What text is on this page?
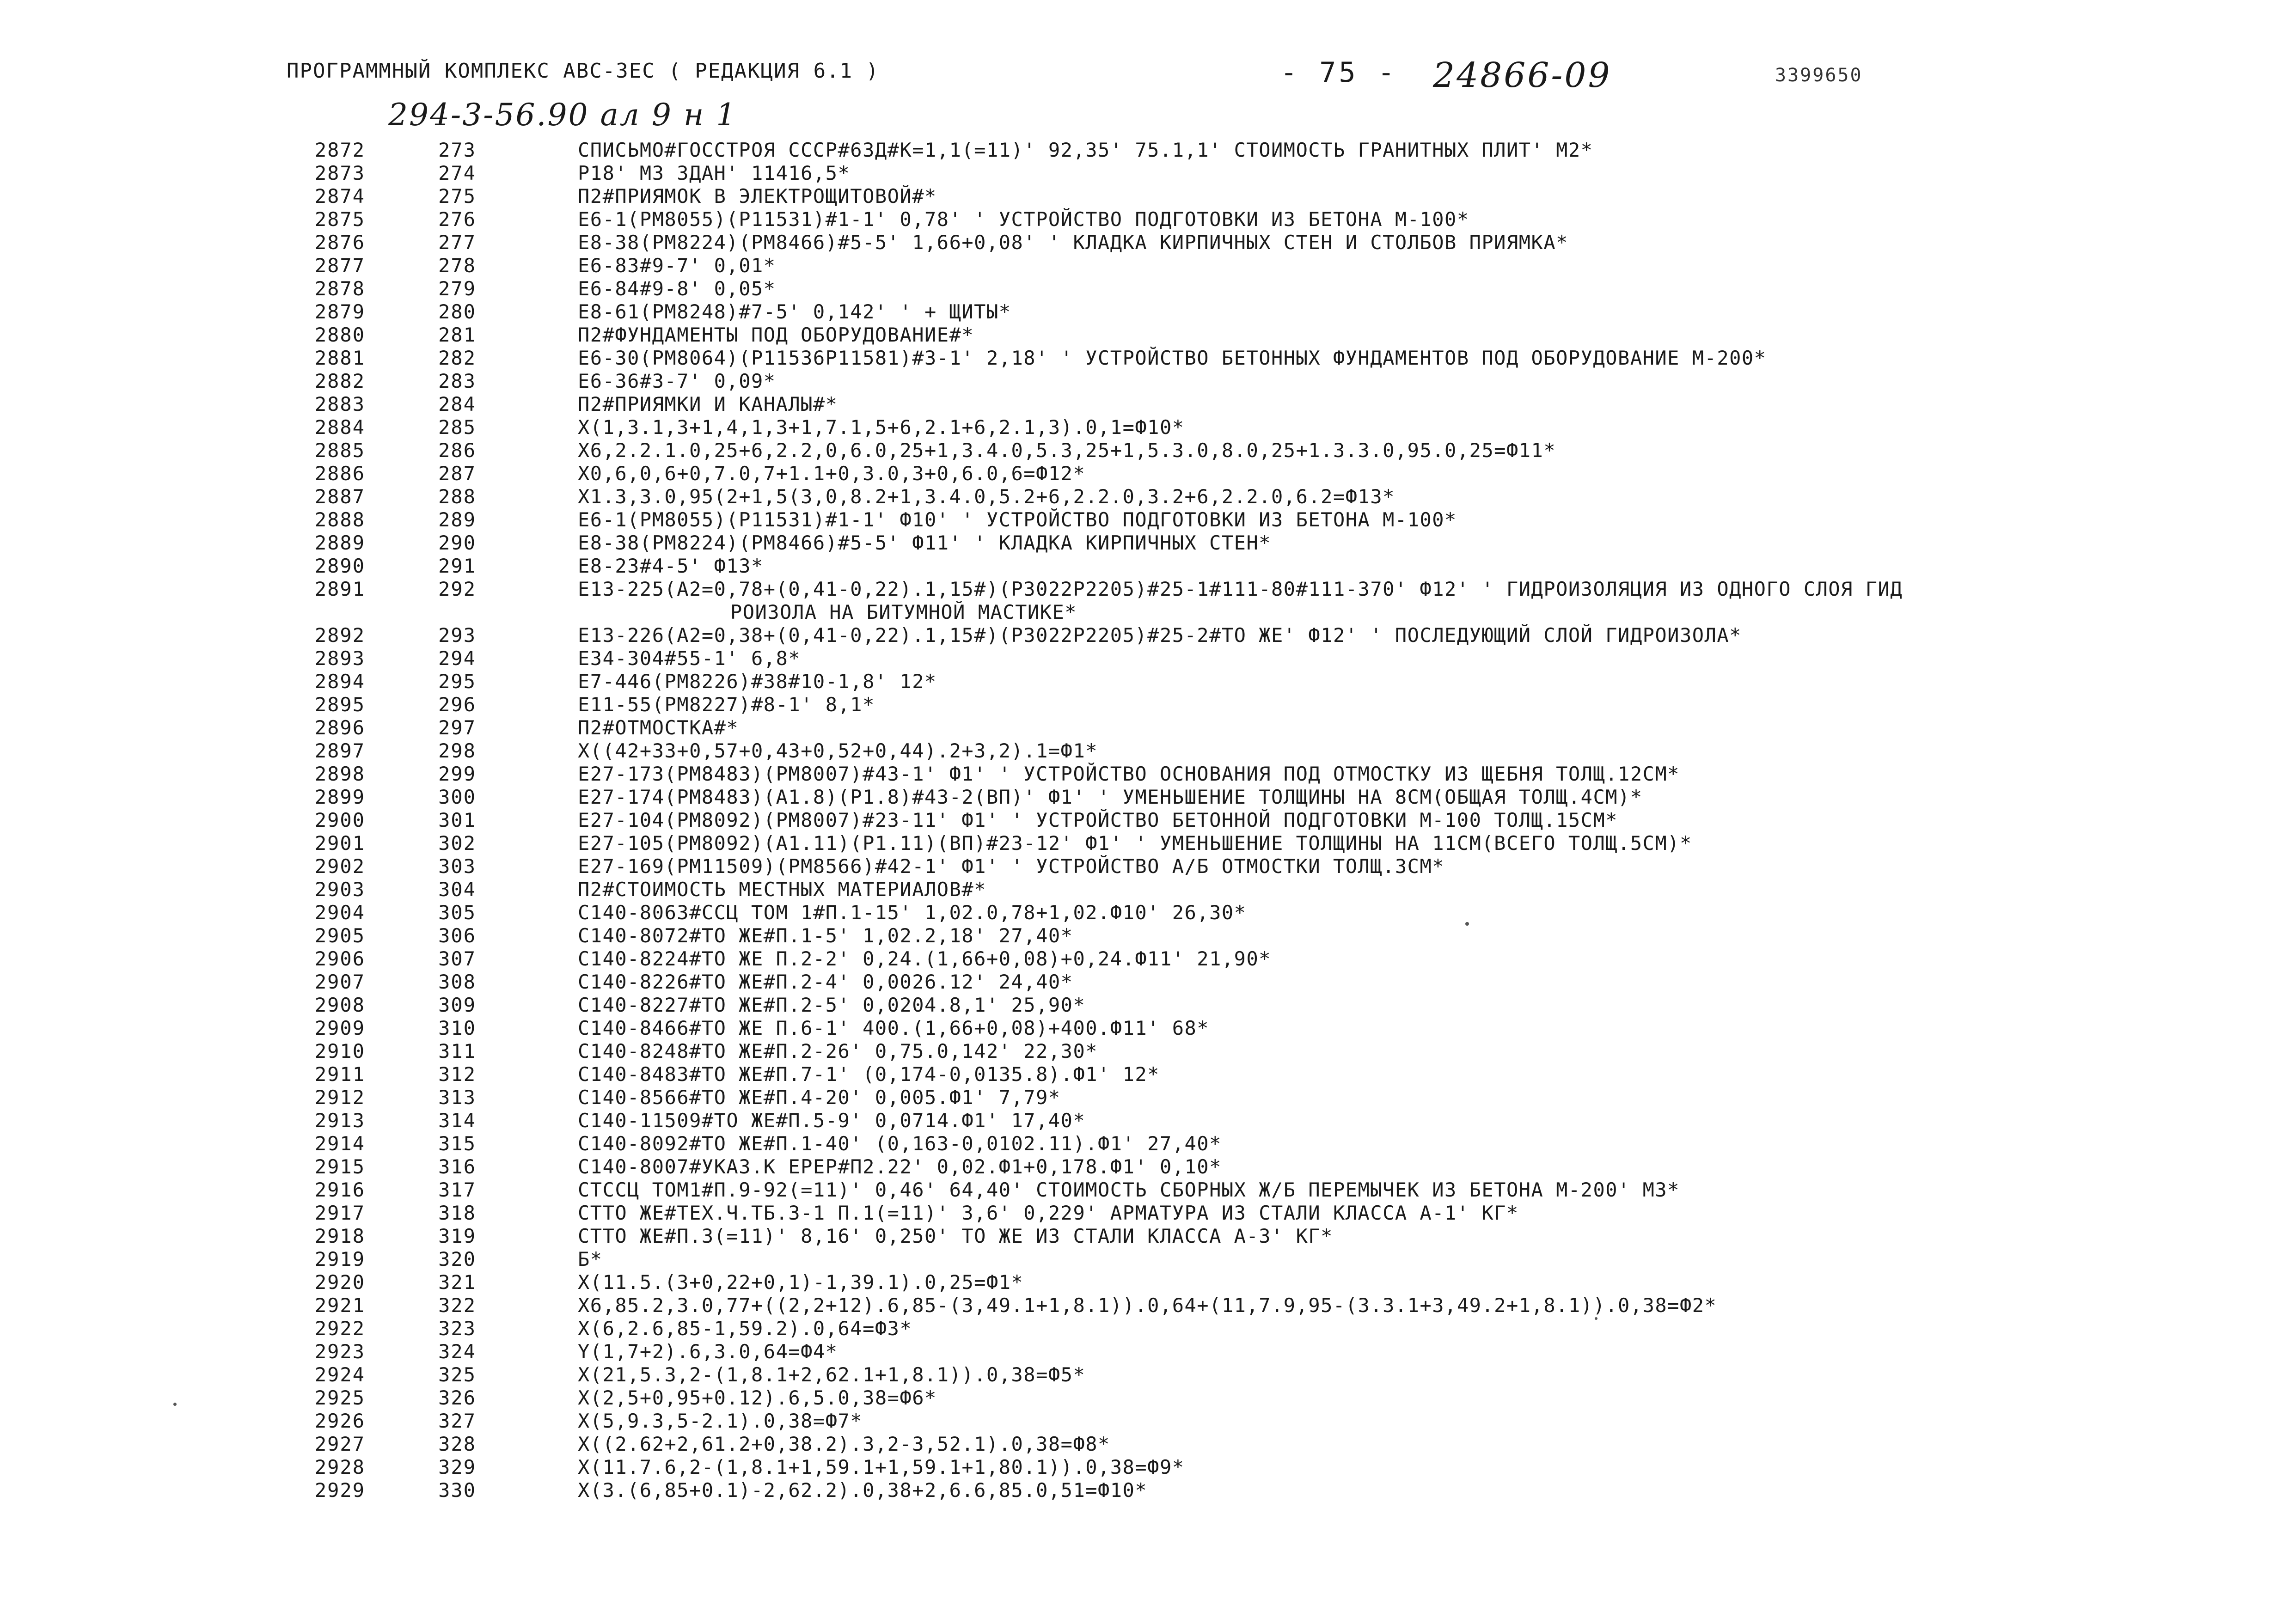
ПРОГРАММНЫЙ КОМПЛЕКС АВС-3ЕС ( РЕДАКЦИЯ 6.1 )	- 75 - 24866-09	3399650
294-3-56.90 ал 9 н 1
2872	273	СПИСЬМО#ГОССТРОЯ СССР#63Д#К=1,1(=11)' 92,35' 75.1,1' СТОИМОСТЬ ГРАНИТНЫХ ПЛИТ' М2*
2873	274	Р18' МЗ ЗДАН' 11416,5*
2874	275	П2#ПРИЯМОК В ЭЛЕКТРОЩИТОВОЙ#*
2875	276	Е6-1(РМ8055)(Р11531)#1-1' 0,78' ' УСТРОЙСТВО ПОДГОТОВКИ ИЗ БЕТОНА М-100*
2876	277	Е8-38(РМ8224)(РМ8466)#5-5' 1,66+0,08' ' КЛАДКА КИРПИЧНЫХ СТЕН И СТОЛБОВ ПРИЯМКА*
2877	278	Е6-83#9-7' 0,01*
2878	279	Е6-84#9-8' 0,05*
2879	280	Е8-61(РМ8248)#7-5' 0,142' ' + ЩИТЫ*
2880	281	П2#ФУНДАМЕНТЫ ПОД ОБОРУДОВАНИЕ#*
2881	282	Е6-30(РМ8064)(Р11536Р11581)#3-1' 2,18' ' УСТРОЙСТВО БЕТОННЫХ ФУНДАМЕНТОВ ПОД ОБОРУДОВАНИЕ М-200*
2882	283	Е6-36#3-7' 0,09*
2883	284	П2#ПРИЯМКИ И КАНАЛЫ#*
2884	285	Х(1,3.1,3+1,4,1,3+1,7.1,5+6,2.1+6,2.1,3).0,1=Ф10*
2885	286	Х6,2.2.1.0,25+6,2.2,0,6.0,25+1,3.4.0,5.3,25+1,5.3.0,8.0,25+1.3.3.0,95.0,25=Ф11*
2886	287	Х0,6,0,6+0,7.0,7+1.1+0,3.0,3+0,6.0,6=Ф12*
2887	288	Х1.3,3.0,95(2+1,5(3,0,8.2+1,3.4.0,5.2+6,2.2.0,3.2+6,2.2.0,6.2=Ф13*
2888	289	Е6-1(РМ8055)(Р11531)#1-1' Ф10' ' УСТРОЙСТВО ПОДГОТОВКИ ИЗ БЕТОНА М-100*
2889	290	Е8-38(РМ8224)(РМ8466)#5-5' Ф11' ' КЛАДКА КИРПИЧНЫХ СТЕН*
2890	291	Е8-23#4-5' Ф13*
2891	292	Е13-225(А2=0,78+(0,41-0,22).1,15#)(Р3022Р2205)#25-1#111-80#111-370' Ф12' ' ГИДРОИЗОЛЯЦИЯ ИЗ ОДНОГО СЛОЯ ГИД
РОИЗОЛА НА БИТУМНОЙ МАСТИКЕ*
2892	293	Е13-226(А2=0,38+(0,41-0,22).1,15#)(Р3022Р2205)#25-2#ТО ЖЕ' Ф12' ' ПОСЛЕДУЮЩИЙ СЛОЙ ГИДРОИЗОЛА*
2893	294	Е34-304#55-1' 6,8*
2894	295	Е7-446(РМ8226)#38#10-1,8' 12*
2895	296	Е11-55(РМ8227)#8-1' 8,1*
2896	297	П2#ОТМОСТКА#*
2897	298	Х((42+33+0,57+0,43+0,52+0,44).2+3,2).1=Ф1*
2898	299	Е27-173(РМ8483)(РМ8007)#43-1' Ф1' ' УСТРОЙСТВО ОСНОВАНИЯ ПОД ОТМОСТКУ ИЗ ЩЕБНЯ ТОЛЩ.12СМ*
2899	300	Е27-174(РМ8483)(А1.8)(Р1.8)#43-2(ВП)' Ф1' ' УМЕНЬШЕНИЕ ТОЛЩИНЫ НА 8СМ(ОБЩАЯ ТОЛЩ.4СМ)*
2900	301	Е27-104(РМ8092)(РМ8007)#23-11' Ф1' ' УСТРОЙСТВО БЕТОННОЙ ПОДГОТОВКИ М-100 ТОЛЩ.15СМ*
2901	302	Е27-105(РМ8092)(А1.11)(Р1.11)(ВП)#23-12' Ф1' ' УМЕНЬШЕНИЕ ТОЛЩИНЫ НА 11СМ(ВСЕГО ТОЛЩ.5СМ)*
2902	303	Е27-169(РМ11509)(РМ8566)#42-1' Ф1' ' УСТРОЙСТВО А/Б ОТМОСТКИ ТОЛЩ.3СМ*
2903	304	П2#СТОИМОСТЬ МЕСТНЫХ МАТЕРИАЛОВ#*
2904	305	С140-8063#ССЦ ТОМ 1#П.1-15' 1,02.0,78+1,02.Ф10' 26,30*
2905	306	С140-8072#ТО ЖЕ#П.1-5' 1,02.2,18' 27,40*
2906	307	С140-8224#ТО ЖЕ П.2-2' 0,24.(1,66+0,08)+0,24.Ф11' 21,90*
2907	308	С140-8226#ТО ЖЕ#П.2-4' 0,0026.12' 24,40*
2908	309	С140-8227#ТО ЖЕ#П.2-5' 0,0204.8,1' 25,90*
2909	310	С140-8466#ТО ЖЕ П.6-1' 400.(1,66+0,08)+400.Ф11' 68*
2910	311	С140-8248#ТО ЖЕ#П.2-26' 0,75.0,142' 22,30*
2911	312	С140-8483#ТО ЖЕ#П.7-1' (0,174-0,0135.8).Ф1' 12*
2912	313	С140-8566#ТО ЖЕ#П.4-20' 0,005.Ф1' 7,79*
2913	314	С140-11509#ТО ЖЕ#П.5-9' 0,0714.Ф1' 17,40*
2914	315	С140-8092#ТО ЖЕ#П.1-40' (0,163-0,0102.11).Ф1' 27,40*
2915	316	С140-8007#УКАЗ.К ЕРЕР#П2.22' 0,02.Ф1+0,178.Ф1' 0,10*
2916	317	СТССЦ ТОМ1#П.9-92(=11)' 0,46' 64,40' СТОИМОСТЬ СБОРНЫХ Ж/Б ПЕРЕМЫЧЕК ИЗ БЕТОНА М-200' М3*
2917	318	СТТО ЖЕ#ТЕХ.Ч.ТБ.3-1 П.1(=11)' 3,6' 0,229' АРМАТУРА ИЗ СТАЛИ КЛАССА А-1' КГ*
2918	319	СТТО ЖЕ#П.3(=11)' 8,16' 0,250' ТО ЖЕ ИЗ СТАЛИ КЛАССА А-3' КГ*
2919	320	Б*
2920	321	Х(11.5.(3+0,22+0,1)-1,39.1).0,25=Ф1*
2921	322	Х6,85.2,3.0,77+((2,2+12).6,85-(3,49.1+1,8.1)).0,64+(11,7.9,95-(3.3.1+3,49.2+1,8.1)).0,38=Ф2*
2922	323	Х(6,2.6,85-1,59.2).0,64=Ф3*
2923	324	Y(1,7+2).6,3.0,64=Ф4*
2924	325	Х(21,5.3,2-(1,8.1+2,62.1+1,8.1)).0,38=Ф5*
2925	326	Х(2,5+0,95+0.12).6,5.0,38=Ф6*
2926	327	Х(5,9.3,5-2.1).0,38=Ф7*
2927	328	Х((2.62+2,61.2+0,38.2).3,2-3,52.1).0,38=Ф8*
2928	329	Х(11.7.6,2-(1,8.1+1,59.1+1,59.1+1,80.1)).0,38=Ф9*
2929	330	Х(3.(6,85+0.1)-2,62.2).0,38+2,6.6,85.0,51=Ф10*
